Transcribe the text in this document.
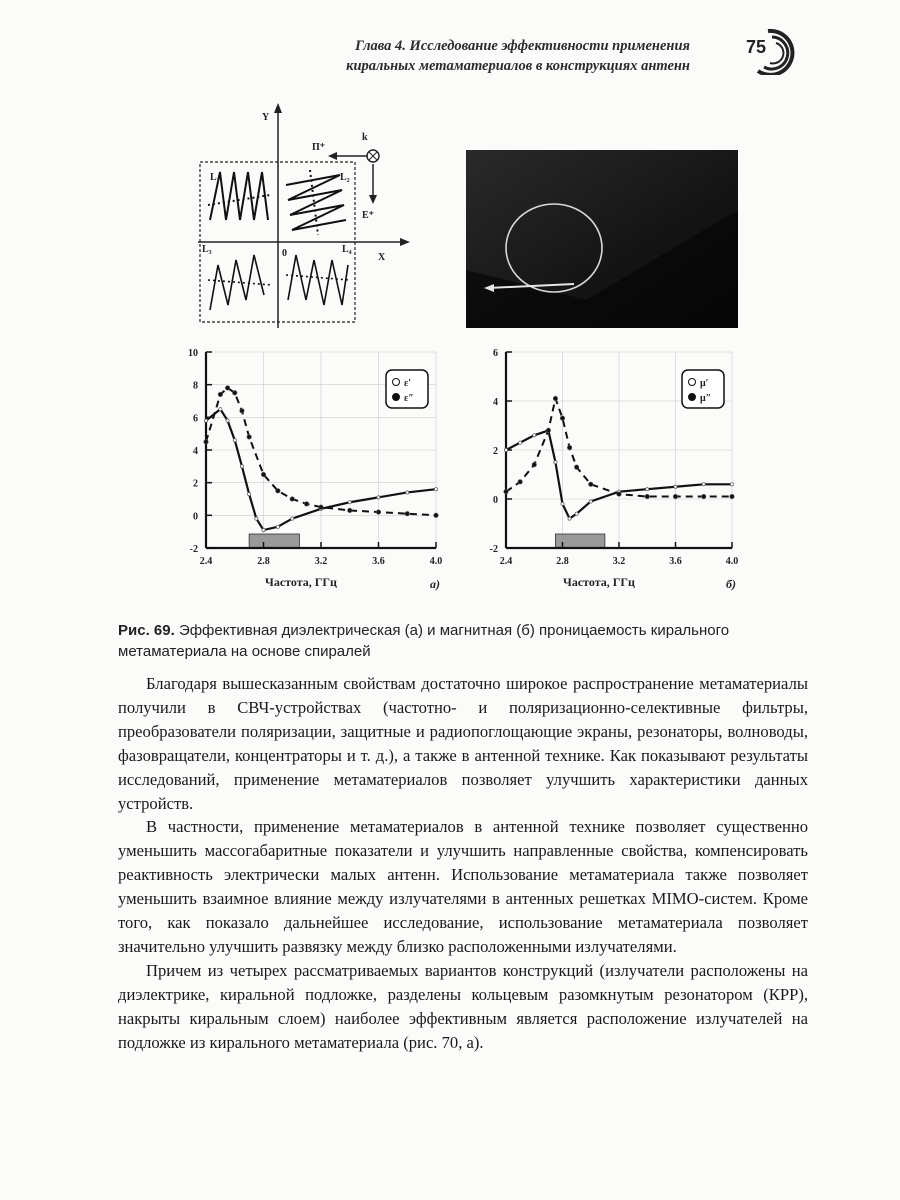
Глава 4. Исследование эффективности применения
киральных метаматериалов в конструкциях антенн
75
Y
X
L₁	L₂
L₃	L₄
0
Π⁺
k
E⁺
2.4	2.8	3.2	3.6	4.0
-2
0
2
4
6
8
10
ε′
ε″
Частота, ГГц	а)
2.4	2.8	3.2	3.6	4.0
-2
0
2
4
6
μ′
μ″
Частота, ГГц	б)
Рис. 69. Эффективная диэлектрическая (а) и магнитная (б) проницаемость кирального метаматериала на основе спиралей

Благодаря вышесказанным свойствам достаточно широкое распространение метаматериалы получили в СВЧ-устройствах (частотно- и поляризационно-селективные фильтры, преобразователи поляризации, защитные и радиопоглощающие экраны, резонаторы, волноводы, фазовращатели, концентраторы и т. д.), а также в антенной технике. Как показывают результаты исследований, применение метаматериалов позволяет улучшить характеристики данных устройств.

В частности, применение метаматериалов в антенной технике позволяет существенно уменьшить массогабаритные показатели и улучшить направленные свойства, компенсировать реактивность электрически малых антенн. Использование метаматериала также позволяет уменьшить взаимное влияние между излучателями в антенных решетках MIMO-систем. Кроме того, как показало дальнейшее исследование, использование метаматериала позволяет значительно улучшить развязку между близко расположенными излучателями.

Причем из четырех рассматриваемых вариантов конструкций (излучатели расположены на диэлектрике, киральной подложке, разделены кольцевым разомкнутым резонатором (КРР), накрыты киральным слоем) наиболее эффективным является расположение излучателей на подложке из кирального метаматериала (рис. 70, а).
